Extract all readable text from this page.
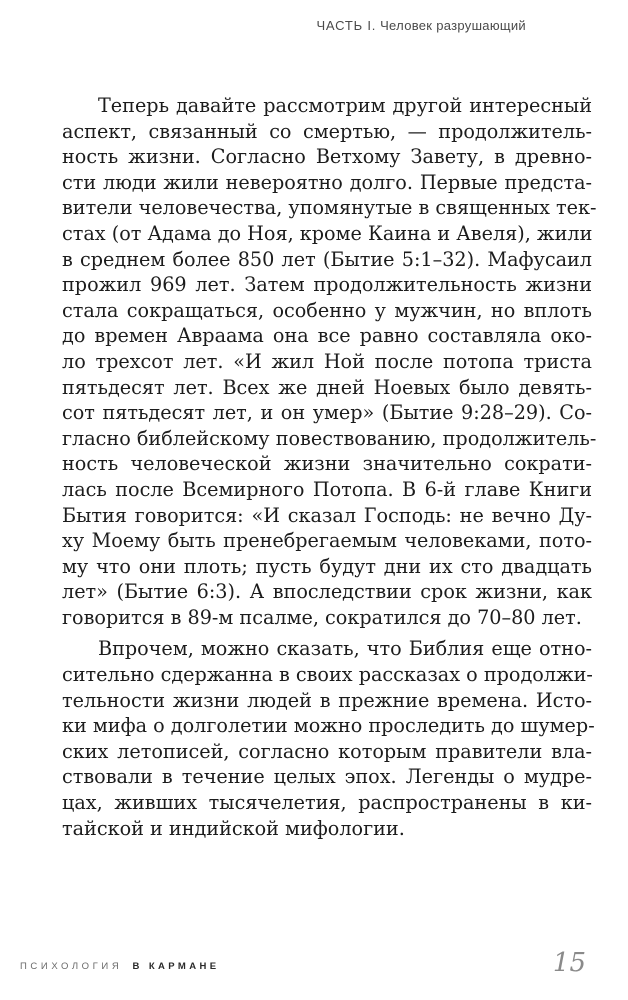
ЧАСТЬ I. Человек разрушающий
Теперь давайте рассмотрим другой интересный
аспект, связанный со смертью, — продолжитель-
ность жизни. Согласно Ветхому Завету, в древно-
сти люди жили невероятно долго. Первые предста-
вители человечества, упомянутые в священных тек-
стах (от Адама до Ноя, кроме Каина и Авеля), жили
в среднем более 850 лет (Бытие 5:1–32). Мафусаил
прожил 969 лет. Затем продолжительность жизни
стала сокращаться, особенно у мужчин, но вплоть
до времен Авраама она все равно составляла око-
ло трехсот лет. «И жил Ной после потопа триста
пятьдесят лет. Всех же дней Ноевых было девять-
сот пятьдесят лет, и он умер» (Бытие 9:28–29). Со-
гласно библейскому повествованию, продолжитель-
ность человеческой жизни значительно сократи-
лась после Всемирного Потопа. В 6-й главе Книги
Бытия говорится: «И сказал Господь: не вечно Ду-
ху Моему быть пренебрегаемым человеками, пото-
му что они плоть; пусть будут дни их сто двадцать
лет» (Бытие 6:3). А впоследствии срок жизни, как
говорится в 89-м псалме, сократился до 70–80 лет.
Впрочем, можно сказать, что Библия еще отно-
сительно сдержанна в своих рассказах о продолжи-
тельности жизни людей в прежние времена. Исто-
ки мифа о долголетии можно проследить до шумер-
ских летописей, согласно которым правители вла-
ствовали в течение целых эпох. Легенды о мудре-
цах, живших тысячелетия, распространены в ки-
тайской и индийской мифологии.
ПСИХОЛОГИЯ В КАРМАНЕ	15
